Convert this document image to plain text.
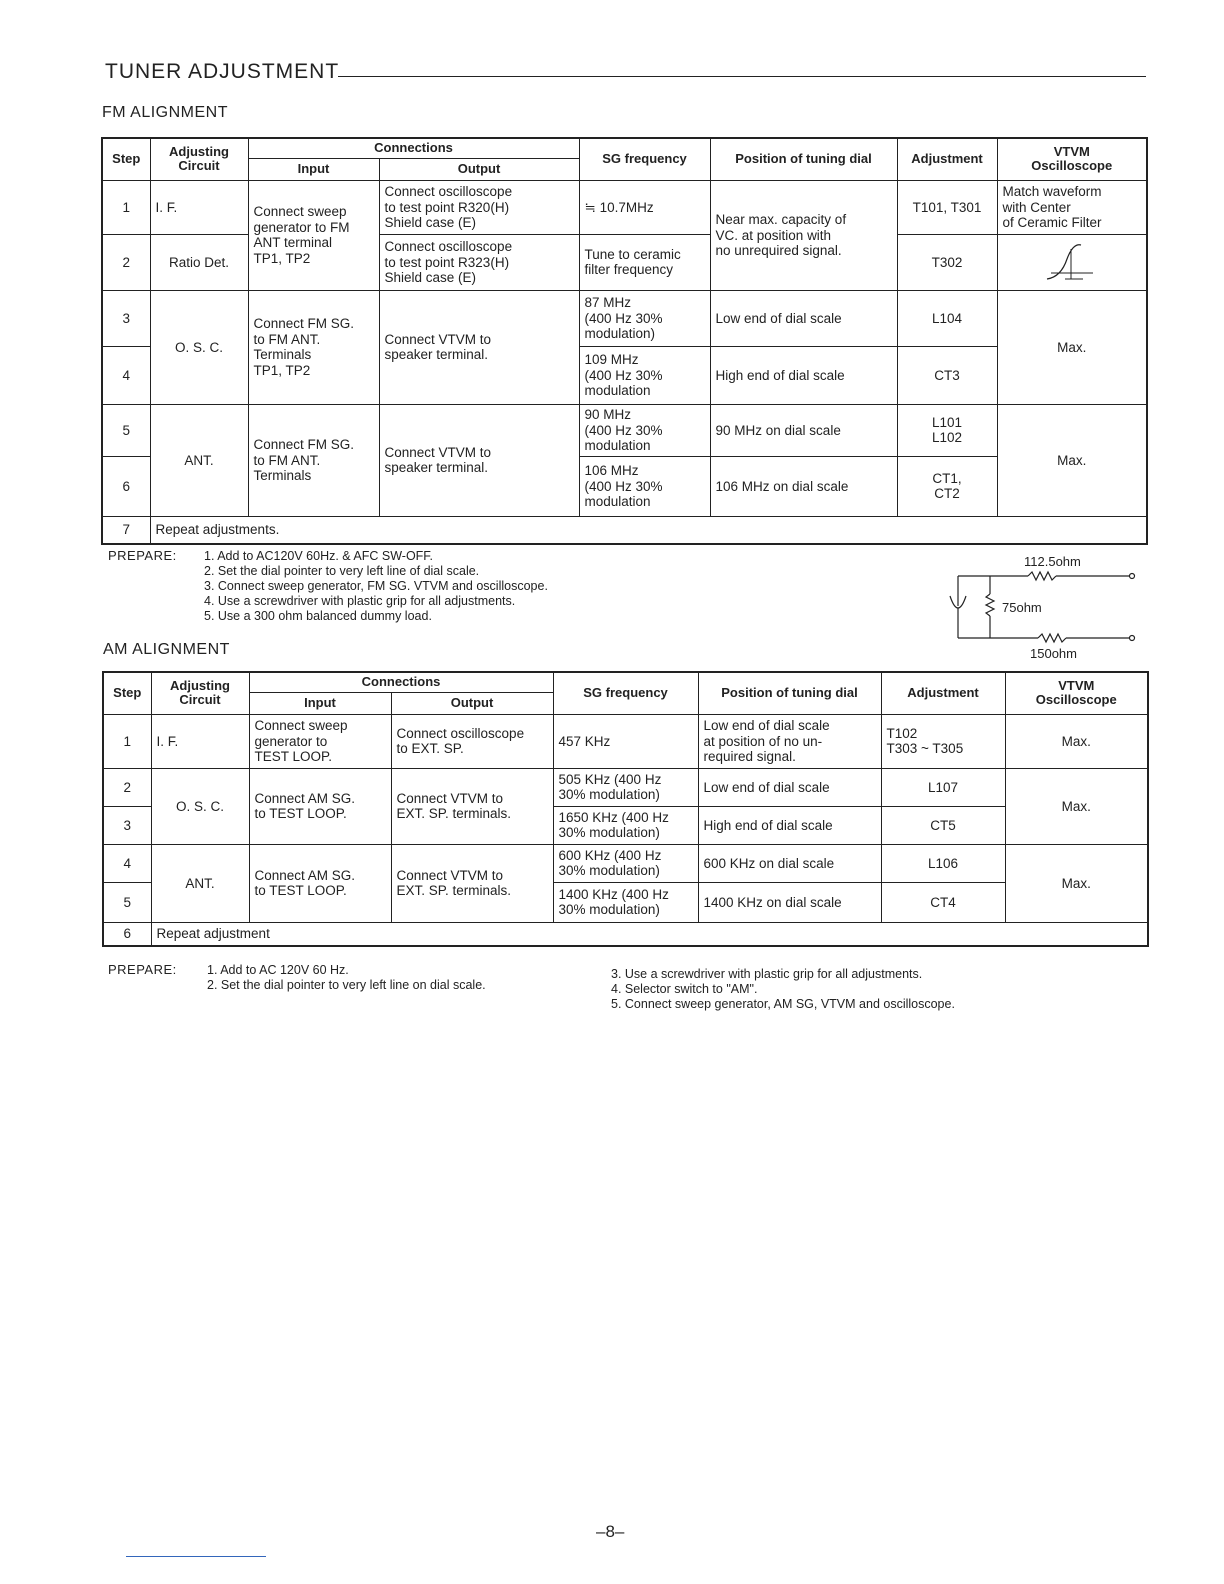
TUNER ADJUSTMENT
FM ALIGNMENT
Step	Adjusting
Circuit	Connections		SG frequency	Position of tuning dial	Adjustment	VTVM
Oscilloscope
		Input	Output				
1	I. F.	Connect sweep
generator to FM
ANT terminal
TP1, TP2	Connect oscilloscope
to test point R320(H)
Shield case (E)	≒ 10.7MHz	Near max. capacity of
VC. at position with
no unrequired signal.	T101, T301	Match waveform
with Center
of Ceramic Filter
2	Ratio Det.		Connect oscilloscope
to test point R323(H)
Shield case (E)	Tune to ceramic
filter frequency		T302	
3	O. S. C.	Connect FM SG.
to FM ANT.
Terminals
TP1, TP2	Connect VTVM to
speaker terminal.	87 MHz
(400 Hz 30%
modulation)	Low end of dial scale	L104	Max.
4				109 MHz
(400 Hz 30%
modulation	High end of dial scale	CT3	
5	ANT.	Connect FM SG.
to FM ANT.
Terminals	Connect VTVM to
speaker terminal.	90 MHz
(400 Hz 30%
modulation	90 MHz on dial scale	L101
L102	Max.
6				106 MHz
(400 Hz 30%
modulation	106 MHz on dial scale	CT1,
CT2	
7	Repeat adjustments.						
PREPARE: 1. Add to AC120V 60Hz. & AFC SW-OFF.
2. Set the dial pointer to very left line of dial scale.
3. Connect sweep generator, FM SG. VTVM and oscilloscope.
4. Use a screwdriver with plastic grip for all adjustments.
5. Use a 300 ohm balanced dummy load.
112.5ohm
75ohm
150ohm
AM ALIGNMENT
Step	Adjusting
Circuit	Connections		SG frequency	Position of tuning dial	Adjustment	VTVM
Oscilloscope
		Input	Output				
1	I. F.	Connect sweep
generator to
TEST LOOP.	Connect oscilloscope
to EXT. SP.	457 KHz	Low end of dial scale
at position of no un-
required signal.	T102
T303 ~ T305	Max.
2	O. S. C.	Connect AM SG.
to TEST LOOP.	Connect VTVM to
EXT. SP. terminals.	505 KHz (400 Hz
30% modulation)	Low end of dial scale	L107	Max.
3				1650 KHz (400 Hz
30% modulation)	High end of dial scale	CT5	
4	ANT.	Connect AM SG.
to TEST LOOP.	Connect VTVM to
EXT. SP. terminals.	600 KHz (400 Hz
30% modulation)	600 KHz on dial scale	L106	Max.
5				1400 KHz (400 Hz
30% modulation)	1400 KHz on dial scale	CT4	
6	Repeat adjustment						
PREPARE: 1. Add to AC 120V 60 Hz.
2. Set the dial pointer to very left line on dial scale.
3. Use a screwdriver with plastic grip for all adjustments.
4. Selector switch to "AM".
5. Connect sweep generator, AM SG, VTVM and oscilloscope.
–8–
